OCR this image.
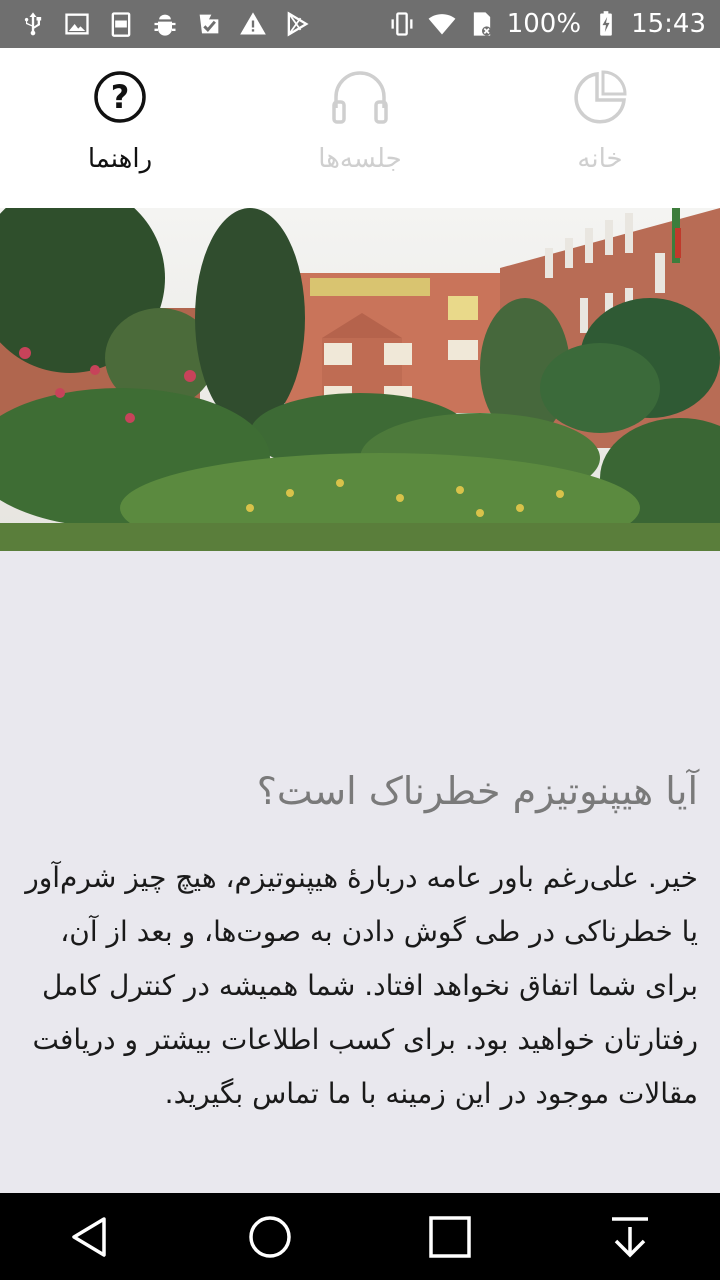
100% 15:43
?
راهنما	جلسه‌ها	خانه
آیا هیپنوتیزم خطرناک است؟
خیر. علی‌رغم باور عامه دربارهٔ هیپنوتیزم، هیچ چیز شرم‌آور یا خطرناکی در طی گوش دادن به صوت‌ها، و بعد از آن، برای شما اتفاق نخواهد افتاد. شما همیشه در کنترل کامل رفتارتان خواهید بود. برای کسب اطلاعات بیشتر و دریافت مقالات موجود در این زمینه با ما تماس بگیرید.
